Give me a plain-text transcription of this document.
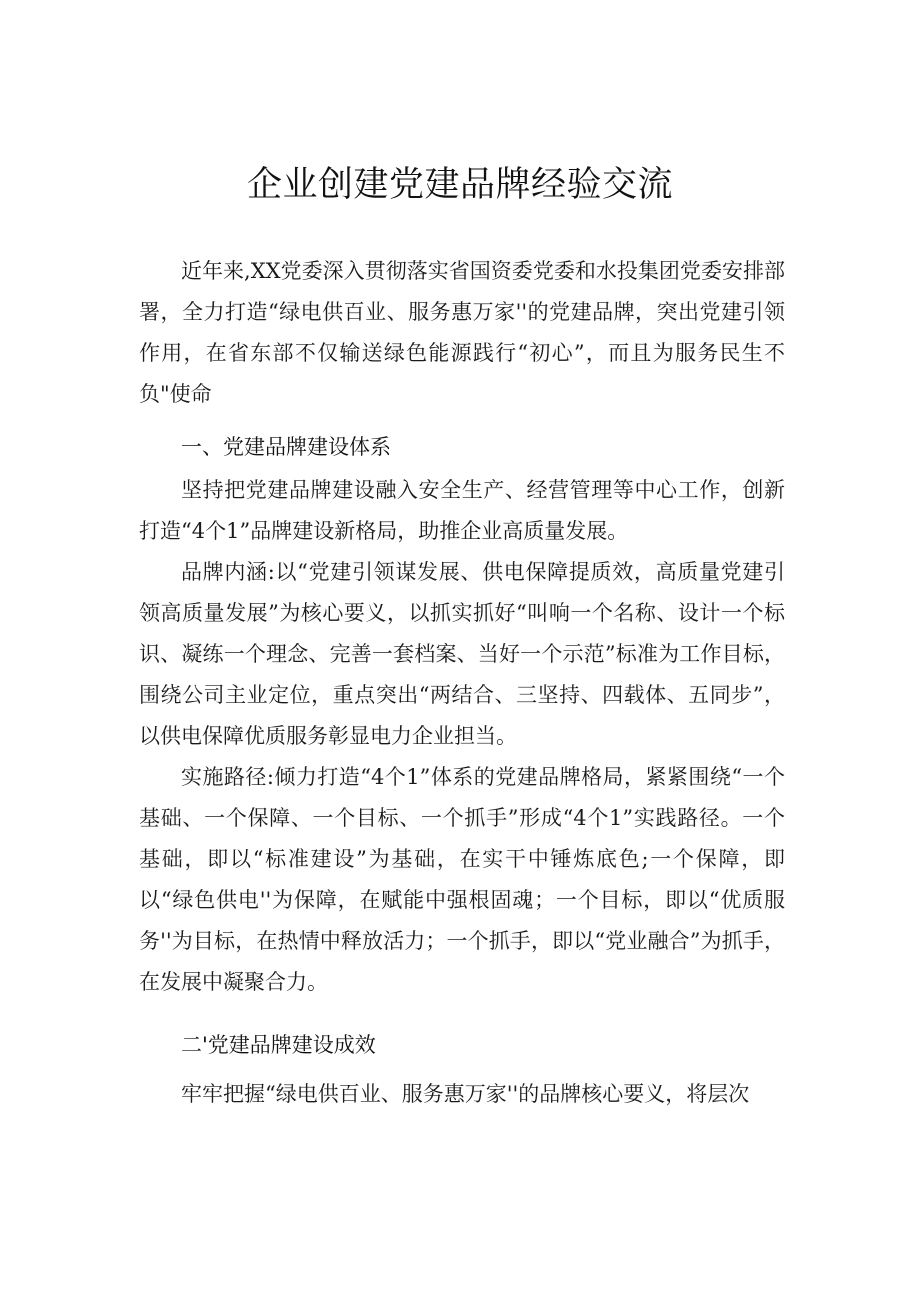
企业创建党建品牌经验交流

近年来,XX党委深入贯彻落实省国资委党委和水投集团党委安排部署，全力打造“绿电供百业、服务惠万家''的党建品牌，突出党建引领作用，在省东部不仅输送绿色能源践行“初心”，而且为服务民生不负"使命

一、党建品牌建设体系

坚持把党建品牌建设融入安全生产、经营管理等中心工作，创新打造“4个1”品牌建设新格局，助推企业高质量发展。

品牌内涵:以“党建引领谋发展、供电保障提质效，高质量党建引领高质量发展”为核心要义，以抓实抓好“叫响一个名称、设计一个标识、凝练一个理念、完善一套档案、当好一个示范”标准为工作目标，围绕公司主业定位，重点突出“两结合、三坚持、四载体、五同步”，以供电保障优质服务彰显电力企业担当。

实施路径:倾力打造“4个1”体系的党建品牌格局，紧紧围绕“一个基础、一个保障、一个目标、一个抓手”形成“4个1”实践路径。一个基础，即以“标准建设”为基础，在实干中锤炼底色;一个保障，即以“绿色供电''为保障，在赋能中强根固魂；一个目标，即以“优质服务''为目标，在热情中释放活力；一个抓手，即以“党业融合”为抓手，在发展中凝聚合力。

二'党建品牌建设成效

牢牢把握“绿电供百业、服务惠万家''的品牌核心要义，将层次
